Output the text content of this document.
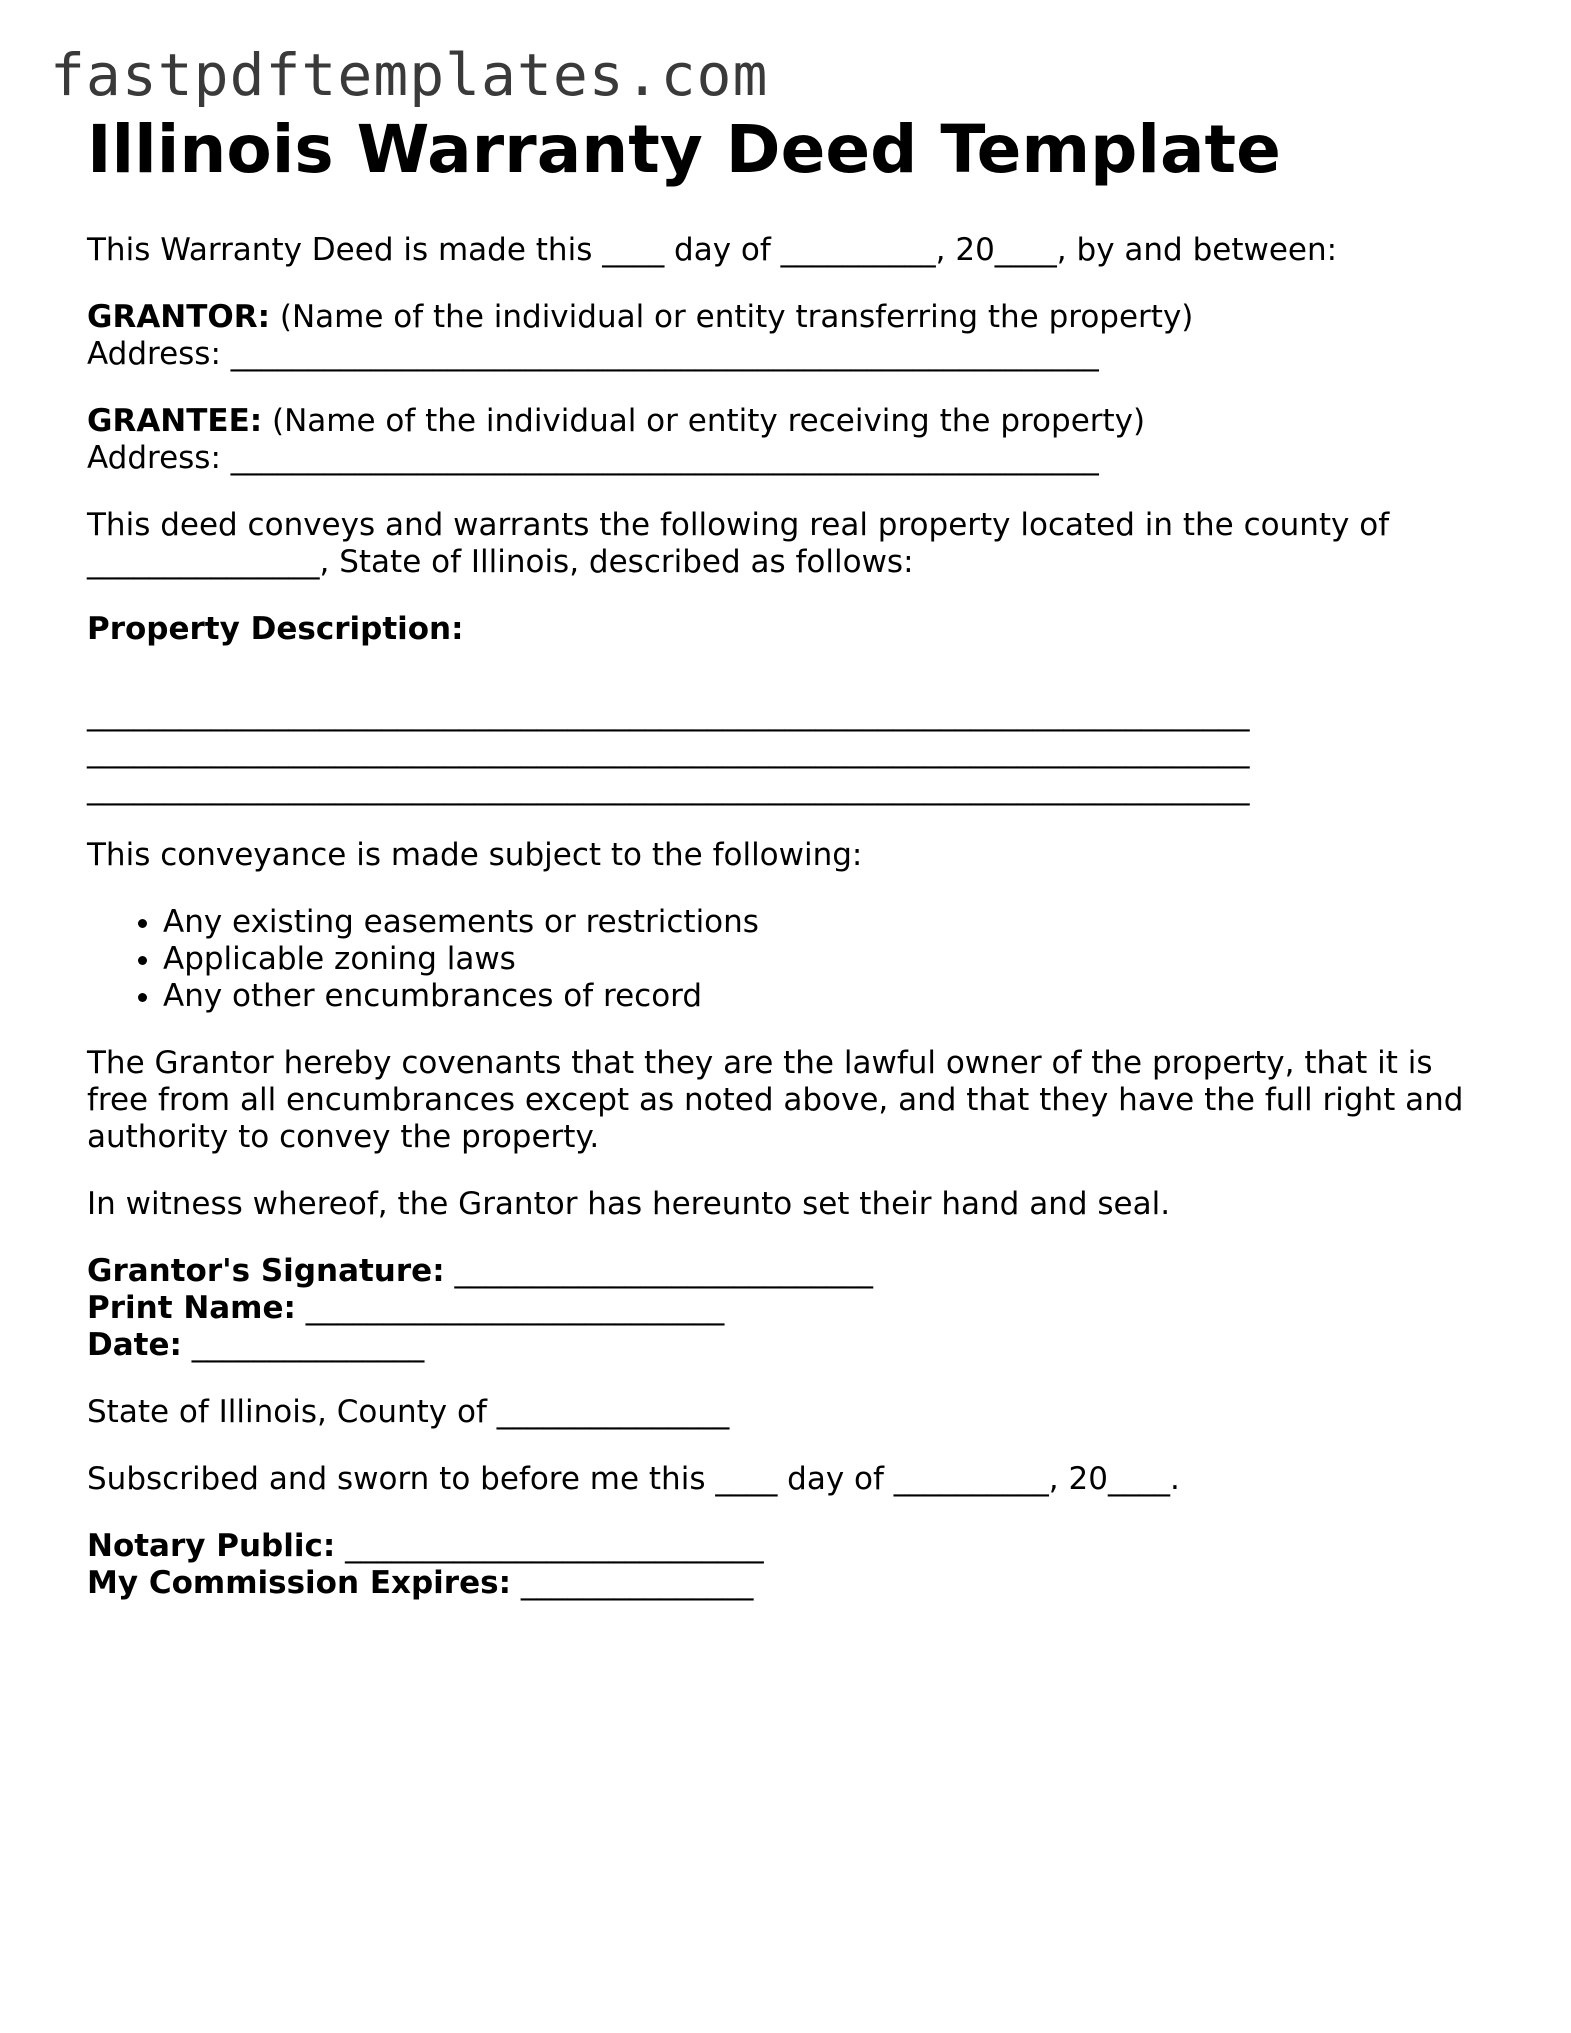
fastpdftemplates.com
Illinois Warranty Deed Template

This Warranty Deed is made this ____ day of __________, 20____, by and between:

GRANTOR: (Name of the individual or entity transferring the property)
Address: ________________________________________________________

GRANTEE: (Name of the individual or entity receiving the property)
Address: ________________________________________________________

This deed conveys and warrants the following real property located in the county of
_______________, State of Illinois, described as follows:

Property Description:

___________________________________________________________________________
___________________________________________________________________________
___________________________________________________________________________

This conveyance is made subject to the following:

• Any existing easements or restrictions
• Applicable zoning laws
• Any other encumbrances of record

The Grantor hereby covenants that they are the lawful owner of the property, that it is
free from all encumbrances except as noted above, and that they have the full right and
authority to convey the property.

In witness whereof, the Grantor has hereunto set their hand and seal.

Grantor's Signature: ___________________________
Print Name: ___________________________
Date: _______________

State of Illinois, County of _______________

Subscribed and sworn to before me this ____ day of __________, 20____.

Notary Public: ___________________________
My Commission Expires: _______________
